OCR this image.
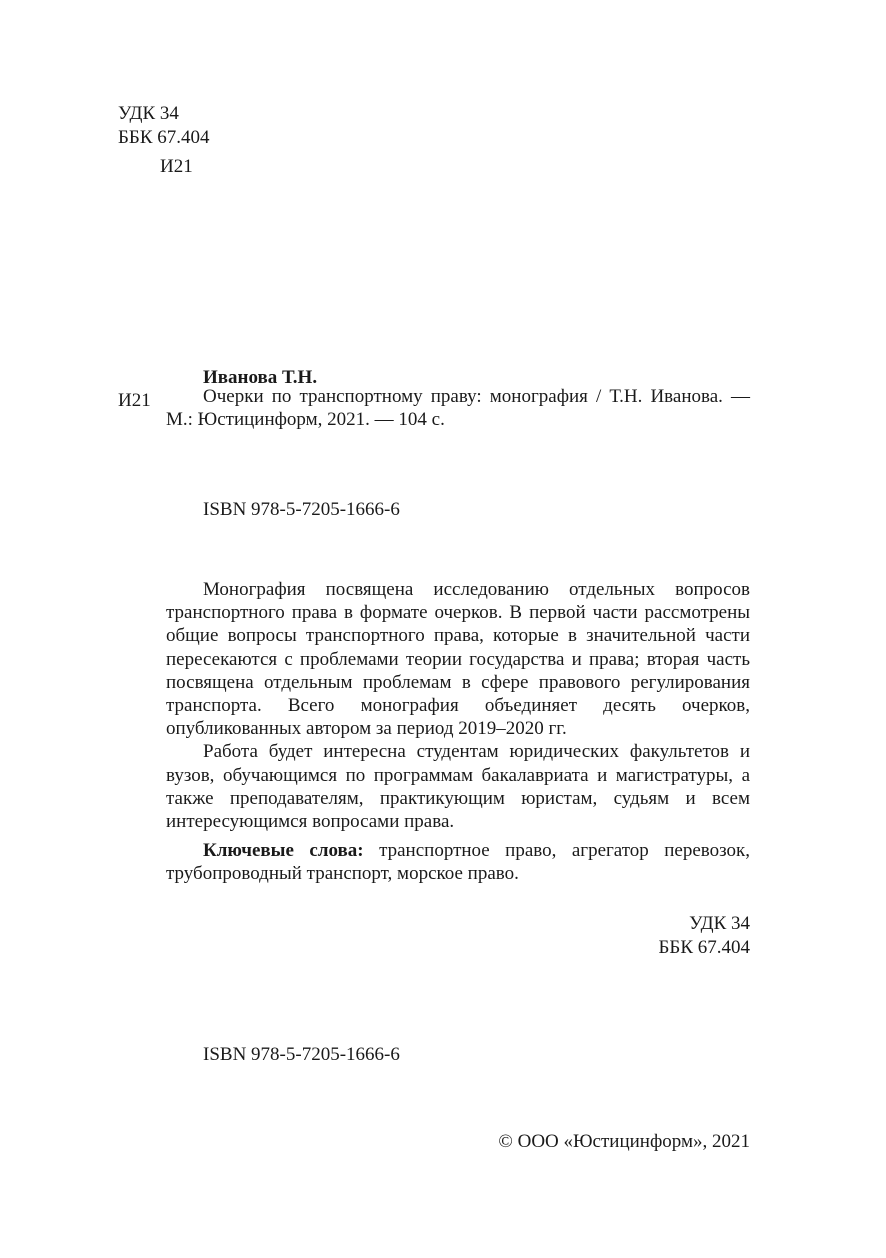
УДК 34
ББК 67.404
И21
Иванова Т.Н.
И21	Очерки по транспортному праву: монография / Т.Н. Иванова. —
М.: Юстицинформ, 2021. — 104 с.
ISBN 978-5-7205-1666-6

Монография посвящена исследованию отдельных вопросов транспортного права в формате очерков. В первой части рассмотрены общие вопросы транспортного права, которые в значительной части пересекаются с проблемами теории государства и права; вторая часть посвящена отдельным проблемам в сфере правового регулирования транспорта. Всего монография объединяет десять очерков, опубликованных автором за период 2019–2020 гг.

Работа будет интересна студентам юридических факультетов и вузов, обучающимся по программам бакалавриата и магистратуры, а также преподавателям, практикующим юристам, судьям и всем интересующимся вопросами права.

Ключевые слова: транспортное право, агрегатор перевозок, трубопроводный транспорт, морское право.

УДК 34
ББК 67.404
ISBN 978-5-7205-1666-6
© ООО «Юстицинформ», 2021
